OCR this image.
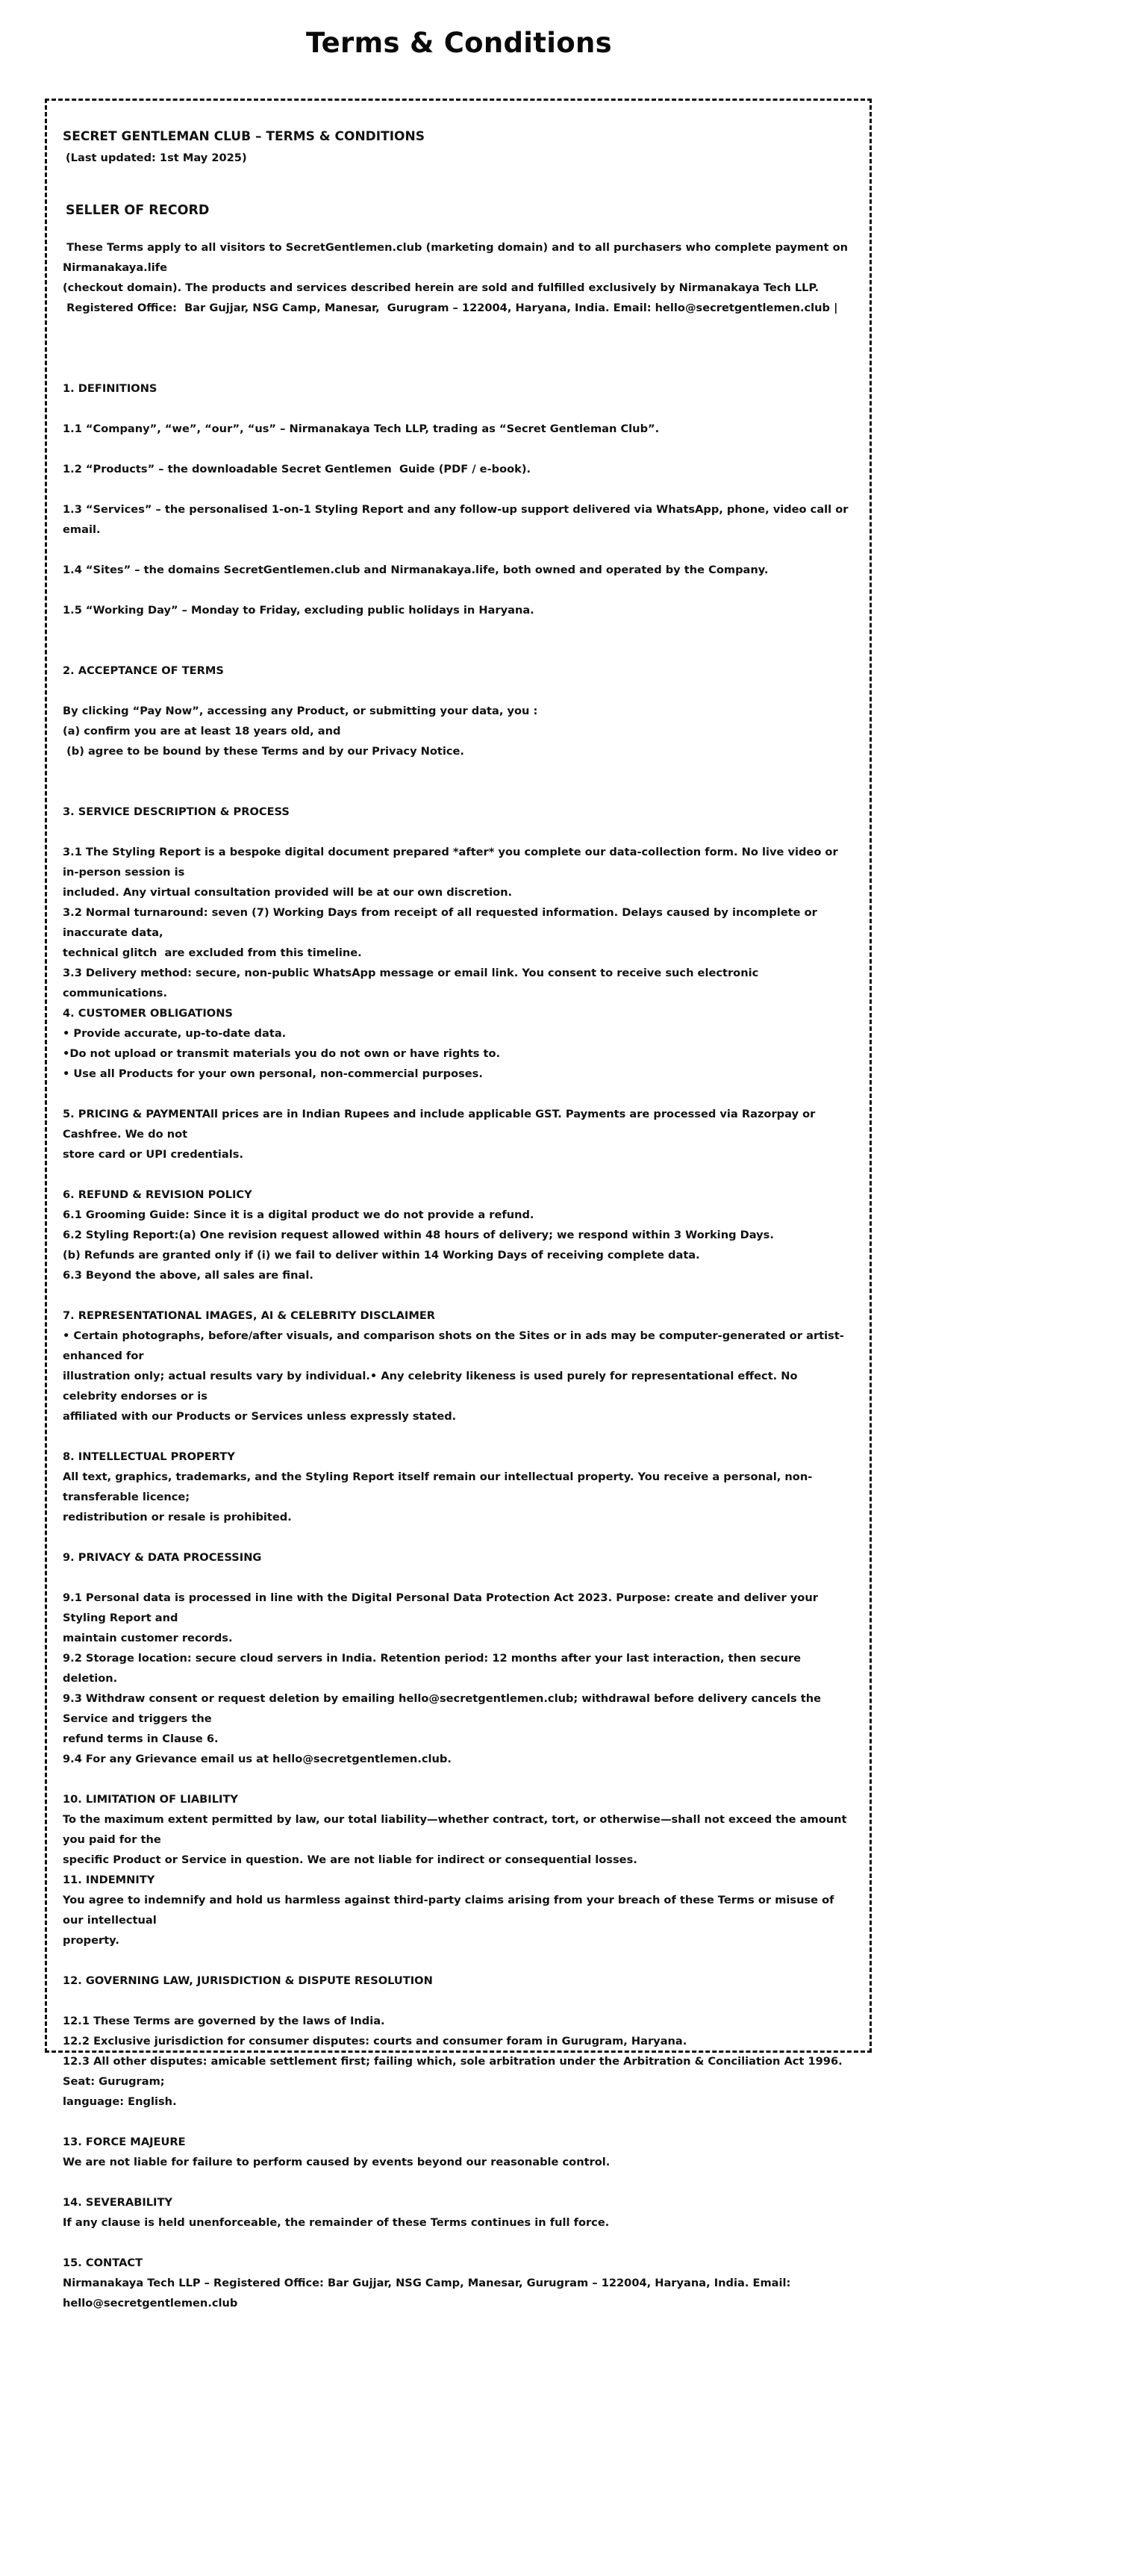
Terms & Conditions
SECRET GENTLEMAN CLUB – TERMS & CONDITIONS
(Last updated: 1st May 2025)
SELLER OF RECORD
These Terms apply to all visitors to SecretGentlemen.club (marketing domain) and to all purchasers who complete payment on Nirmanakaya.life
(checkout domain). The products and services described herein are sold and fulfilled exclusively by Nirmanakaya Tech LLP.
Registered Office:  Bar Gujjar, NSG Camp, Manesar,  Gurugram – 122004, Haryana, India. Email: hello@secretgentlemen.club |
1. DEFINITIONS
1.1 “Company”, “we”, “our”, “us” – Nirmanakaya Tech LLP, trading as “Secret Gentleman Club”.
1.2 “Products” – the downloadable Secret Gentlemen  Guide (PDF / e-book).
1.3 “Services” – the personalised 1-on-1 Styling Report and any follow-up support delivered via WhatsApp, phone, video call or email.
1.4 “Sites” – the domains SecretGentlemen.club and Nirmanakaya.life, both owned and operated by the Company.
1.5 “Working Day” – Monday to Friday, excluding public holidays in Haryana.
2. ACCEPTANCE OF TERMS
By clicking “Pay Now”, accessing any Product, or submitting your data, you :
(a) confirm you are at least 18 years old, and
(b) agree to be bound by these Terms and by our Privacy Notice.
3. SERVICE DESCRIPTION & PROCESS
3.1 The Styling Report is a bespoke digital document prepared *after* you complete our data-collection form. No live video or in-person session is
included. Any virtual consultation provided will be at our own discretion.
3.2 Normal turnaround: seven (7) Working Days from receipt of all requested information. Delays caused by incomplete or inaccurate data,
technical glitch  are excluded from this timeline.
3.3 Delivery method: secure, non-public WhatsApp message or email link. You consent to receive such electronic communications.
4. CUSTOMER OBLIGATIONS
• Provide accurate, up-to-date data.
•Do not upload or transmit materials you do not own or have rights to.
• Use all Products for your own personal, non-commercial purposes.
5. PRICING & PAYMENTAll prices are in Indian Rupees and include applicable GST. Payments are processed via Razorpay or Cashfree. We do not
store card or UPI credentials.
6. REFUND & REVISION POLICY
6.1 Grooming Guide: Since it is a digital product we do not provide a refund.
6.2 Styling Report:(a) One revision request allowed within 48 hours of delivery; we respond within 3 Working Days.
(b) Refunds are granted only if (i) we fail to deliver within 14 Working Days of receiving complete data.
6.3 Beyond the above, all sales are final.
7. REPRESENTATIONAL IMAGES, AI & CELEBRITY DISCLAIMER
• Certain photographs, before/after visuals, and comparison shots on the Sites or in ads may be computer-generated or artist-enhanced for
illustration only; actual results vary by individual.• Any celebrity likeness is used purely for representational effect. No celebrity endorses or is
affiliated with our Products or Services unless expressly stated.
8. INTELLECTUAL PROPERTY
All text, graphics, trademarks, and the Styling Report itself remain our intellectual property. You receive a personal, non-transferable licence;
redistribution or resale is prohibited.
9. PRIVACY & DATA PROCESSING
9.1 Personal data is processed in line with the Digital Personal Data Protection Act 2023. Purpose: create and deliver your Styling Report and
maintain customer records.
9.2 Storage location: secure cloud servers in India. Retention period: 12 months after your last interaction, then secure deletion.
9.3 Withdraw consent or request deletion by emailing hello@secretgentlemen.club; withdrawal before delivery cancels the Service and triggers the
refund terms in Clause 6.
9.4 For any Grievance email us at hello@secretgentlemen.club.
10. LIMITATION OF LIABILITY
To the maximum extent permitted by law, our total liability—whether contract, tort, or otherwise—shall not exceed the amount you paid for the
specific Product or Service in question. We are not liable for indirect or consequential losses.
11. INDEMNITY
You agree to indemnify and hold us harmless against third-party claims arising from your breach of these Terms or misuse of our intellectual
property.
12. GOVERNING LAW, JURISDICTION & DISPUTE RESOLUTION
12.1 These Terms are governed by the laws of India.
12.2 Exclusive jurisdiction for consumer disputes: courts and consumer foram in Gurugram, Haryana.
12.3 All other disputes: amicable settlement first; failing which, sole arbitration under the Arbitration & Conciliation Act 1996. Seat: Gurugram;
language: English.
13. FORCE MAJEURE
We are not liable for failure to perform caused by events beyond our reasonable control.
14. SEVERABILITY
If any clause is held unenforceable, the remainder of these Terms continues in full force.
15. CONTACT
Nirmanakaya Tech LLP – Registered Office: Bar Gujjar, NSG Camp, Manesar, Gurugram – 122004, Haryana, India. Email:
hello@secretgentlemen.club
